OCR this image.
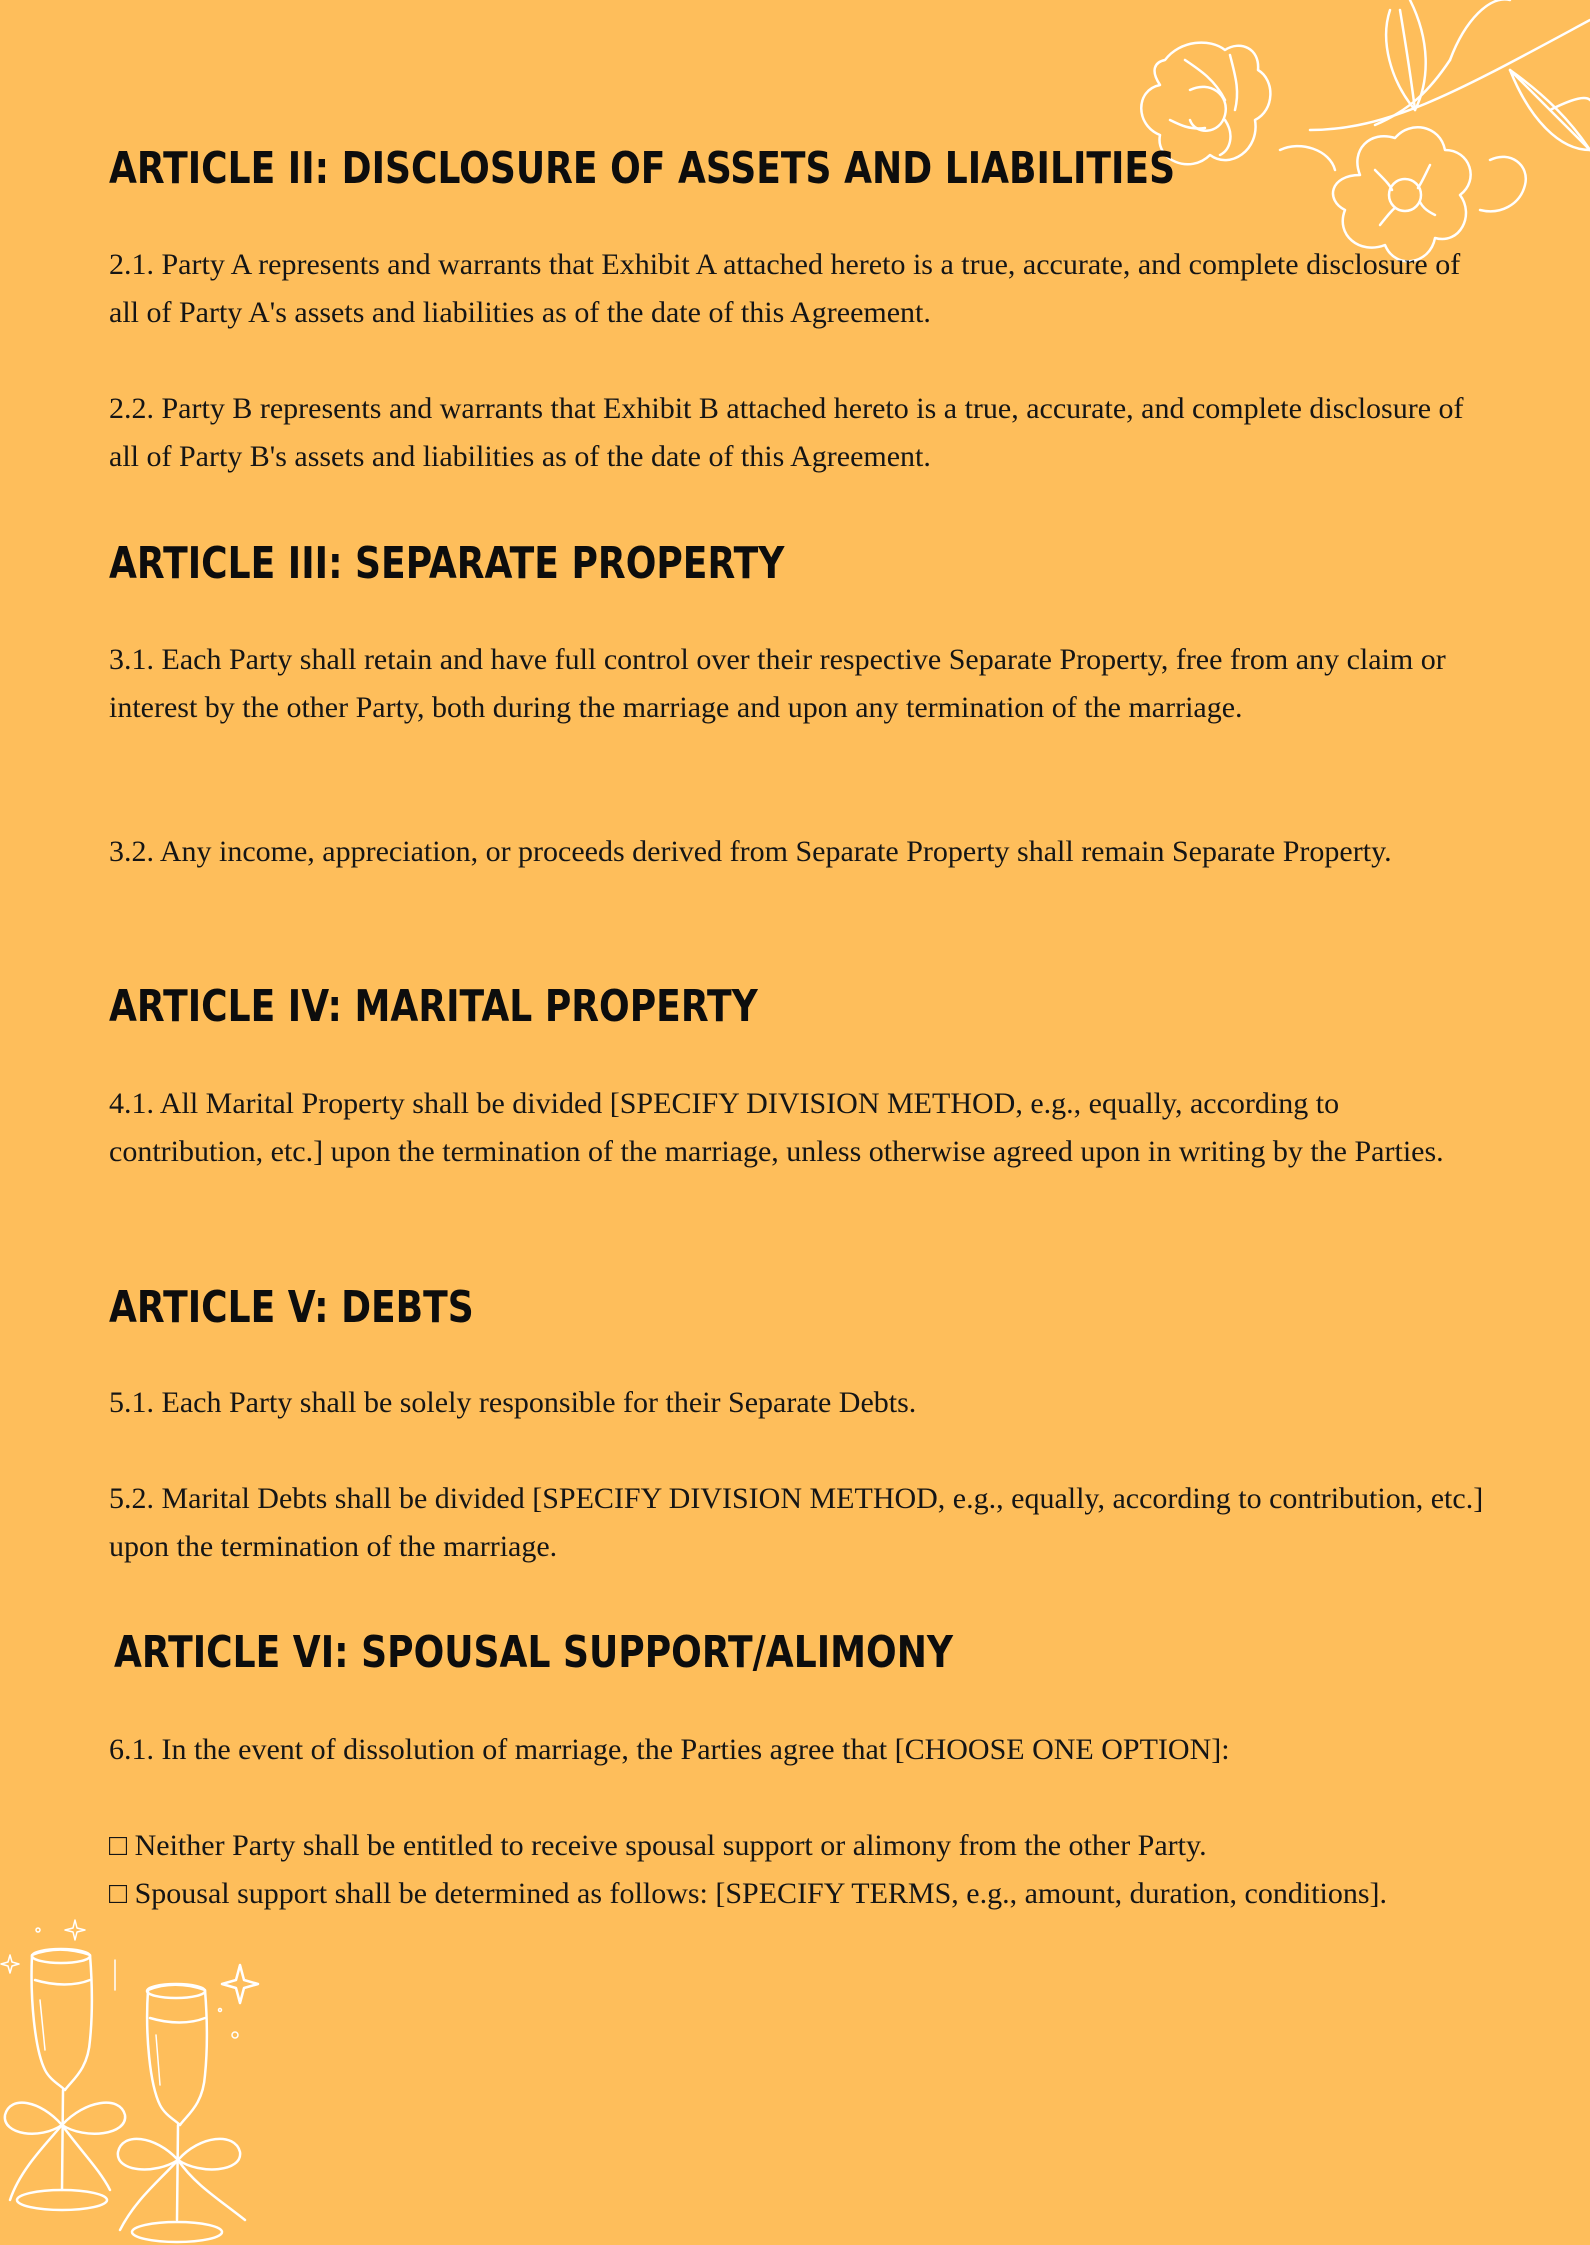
ARTICLE II: DISCLOSURE OF ASSETS AND LIABILITIES

2.1. Party A represents and warrants that Exhibit A attached hereto is a true, accurate, and complete disclosure of all of Party A's assets and liabilities as of the date of this Agreement.

2.2. Party B represents and warrants that Exhibit B attached hereto is a true, accurate, and complete disclosure of all of Party B's assets and liabilities as of the date of this Agreement.

ARTICLE III: SEPARATE PROPERTY

3.1. Each Party shall retain and have full control over their respective Separate Property, free from any claim or interest by the other Party, both during the marriage and upon any termination of the marriage.

3.2. Any income, appreciation, or proceeds derived from Separate Property shall remain Separate Property.

ARTICLE IV: MARITAL PROPERTY

4.1. All Marital Property shall be divided [SPECIFY DIVISION METHOD, e.g., equally, according to contribution, etc.] upon the termination of the marriage, unless otherwise agreed upon in writing by the Parties.

ARTICLE V: DEBTS

5.1. Each Party shall be solely responsible for their Separate Debts.

5.2. Marital Debts shall be divided [SPECIFY DIVISION METHOD, e.g., equally, according to contribution, etc.] upon the termination of the marriage.

ARTICLE VI: SPOUSAL SUPPORT/ALIMONY

6.1. In the event of dissolution of marriage, the Parties agree that [CHOOSE ONE OPTION]:

□ Neither Party shall be entitled to receive spousal support or alimony from the other Party.

□ Spousal support shall be determined as follows: [SPECIFY TERMS, e.g., amount, duration, conditions].
